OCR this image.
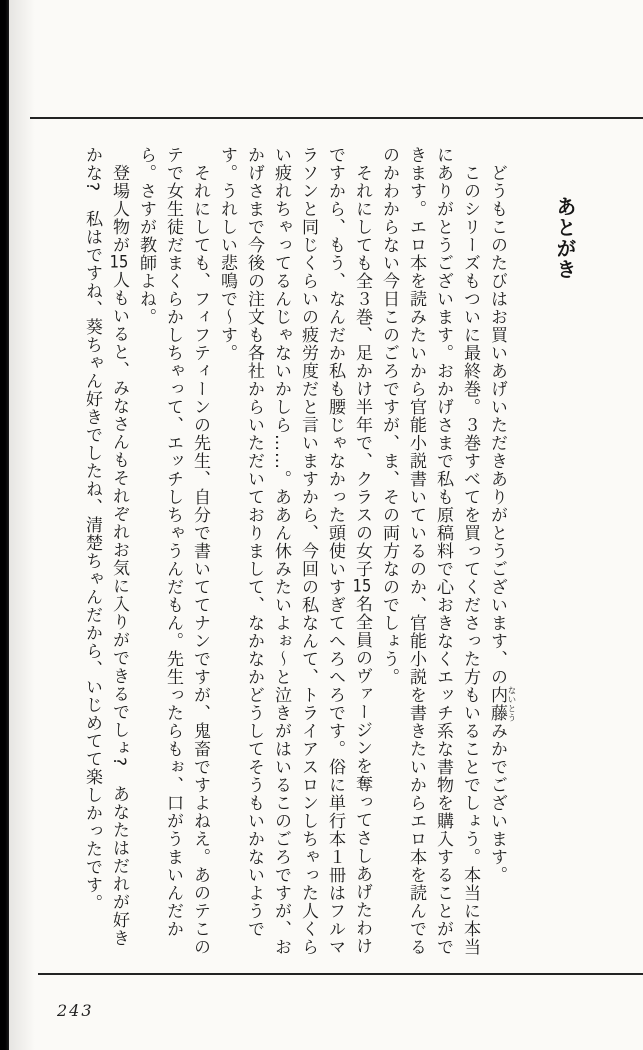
あとがき

どうもこのたびはお買いあげいただきありがとうございます、の内藤 ないとうみかでございます。

このシリーズもついに最終巻。３巻すべてを買ってくださった方もいることでしょう。本当に本当にありがとうございます。おかげさまで私も原稿料で心おきなくエッチ系な書物を購入することができます。エロ本を読みたいから官能小説書いているのか、官能小説を書きたいからエロ本を読んでるのかわからない今日このごろですが、ま、その両方なのでしょう。

それにしても全３巻、足かけ半年で、クラスの女子15名全員のヴァージンを奪ってさしあげたわけですから、もう、なんだか私も腰じゃなかった頭使いすぎてへろへろです。俗に単行本１冊はフルマラソンと同じくらいの疲労度だと言いますから、今回の私なんて、トライアスロンしちゃった人くらい疲れちゃってるんじゃないかしら……。ああん休みたいよぉ〜と泣きがはいるこのごろですが、おかげさまで今後の注文も各社からいただいておりまして、なかなかどうしてそうもいかないようです。うれしい悲鳴で〜す。

それにしても、フィフティーンの先生、自分で書いててナンですが、鬼畜ですよねえ。あのテこのテで女生徒だまくらかしちゃって、エッチしちゃうんだもん。先生ったらもぉ、口がうまいんだから。さすが教師よね。

登場人物が15人もいると、みなさんもそれぞれお気に入りができるでしょ?　あなたはだれが好きかな?　私はですね、葵ちゃん好きでしたね、清楚ちゃんだから、いじめてて楽しかったです。

243
